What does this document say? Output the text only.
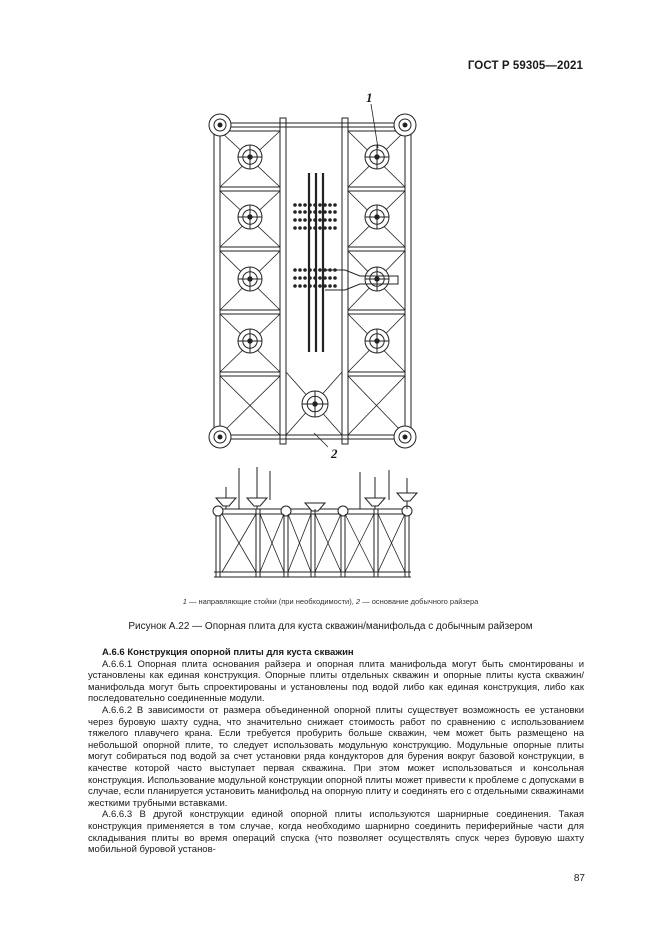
ГОСТ Р 59305—2021
1
2
1 — направляющие стойки (при необходимости), 2 — основание добычного райзера
Рисунок А.22 — Опорная плита для куста скважин/манифольда с добычным райзером

А.6.6 Конструкция опорной плиты для куста скважин

А.6.6.1 Опорная плита основания райзера и опорная плита манифольда могут быть смонтированы и установлены как единая конструкция. Опорные плиты отдельных скважин и опорные плиты куста скважин/манифольда могут быть спроектированы и установлены под водой либо как единая конструкция, либо как последовательно соединенные модули.

А.6.6.2 В зависимости от размера объединенной опорной плиты существует возможность ее установки через буровую шахту судна, что значительно снижает стоимость работ по сравнению с использованием тяжелого плавучего крана. Если требуется пробурить больше скважин, чем может быть размещено на небольшой опорной плите, то следует использовать модульную конструкцию. Модульные опорные плиты могут собираться под водой за счет установки ряда кондукторов для бурения вокруг базовой конструкции, в качестве которой часто выступает первая скважина. При этом может использоваться и консольная конструкция. Использование модульной конструкции опорной плиты может привести к проблеме с допусками в случае, если планируется установить манифольд на опорную плиту и соединять его с отдельными скважинами жесткими трубными вставками.

А.6.6.3 В другой конструкции единой опорной плиты используются шарнирные соединения. Такая конструкция применяется в том случае, когда необходимо шарнирно соединить периферийные части для складывания плиты во время операций спуска (что позволяет осуществлять спуск через буровую шахту мобильной буровой установ-

87
